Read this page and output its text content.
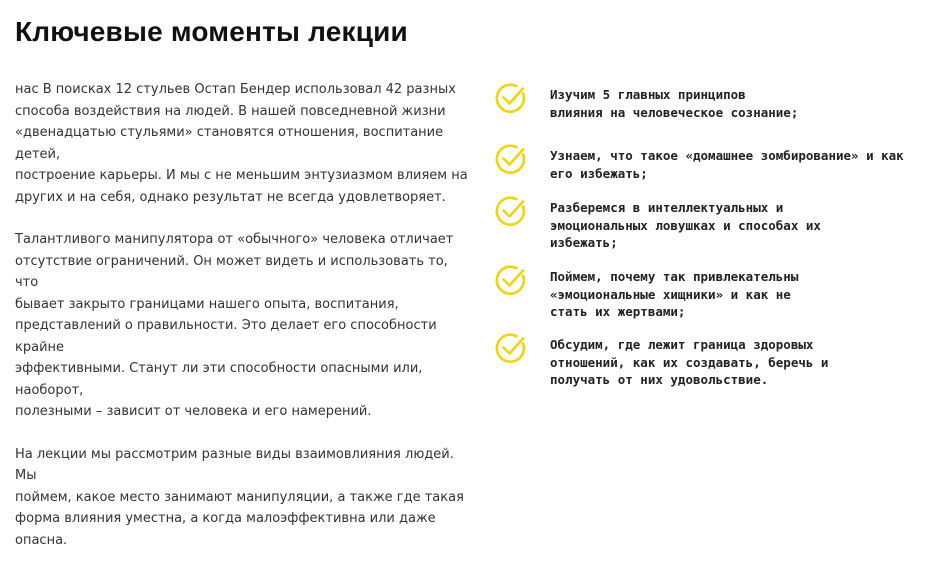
Ключевые моменты лекции

нас В поисках 12 стульев Остап Бендер использовал 42 разных
способа воздействия на людей. В нашей повседневной жизни
«двенадцатью стульями» становятся отношения, воспитание детей,
построение карьеры. И мы с не меньшим энтузиазмом влияем на
других и на себя, однако результат не всегда удовлетворяет.

Талантливого манипулятора от «обычного» человека отличает
отсутствие ограничений. Он может видеть и использовать то, что
бывает закрыто границами нашего опыта, воспитания,
представлений о правильности. Это делает его способности крайне
эффективными. Станут ли эти способности опасными или, наоборот,
полезными – зависит от человека и его намерений.

На лекции мы рассмотрим разные виды взаимовлияния людей. Мы
поймем, какое место занимают манипуляции, а также где такая
форма влияния уместна, а когда малоэффективна или даже опасна.

Изучим 5 главных принципов
влияния на человеческое сознание;
Узнаем, что такое «домашнее зомбирование» и как
его избежать;
Разберемся в интеллектуальных и
эмоциональных ловушках и способах их
избежать;
Поймем, почему так привлекательны
«эмоциональные хищники» и как не
стать их жертвами;
Обсудим, где лежит граница здоровых
отношений, как их создавать, беречь и
получать от них удовольствие.
